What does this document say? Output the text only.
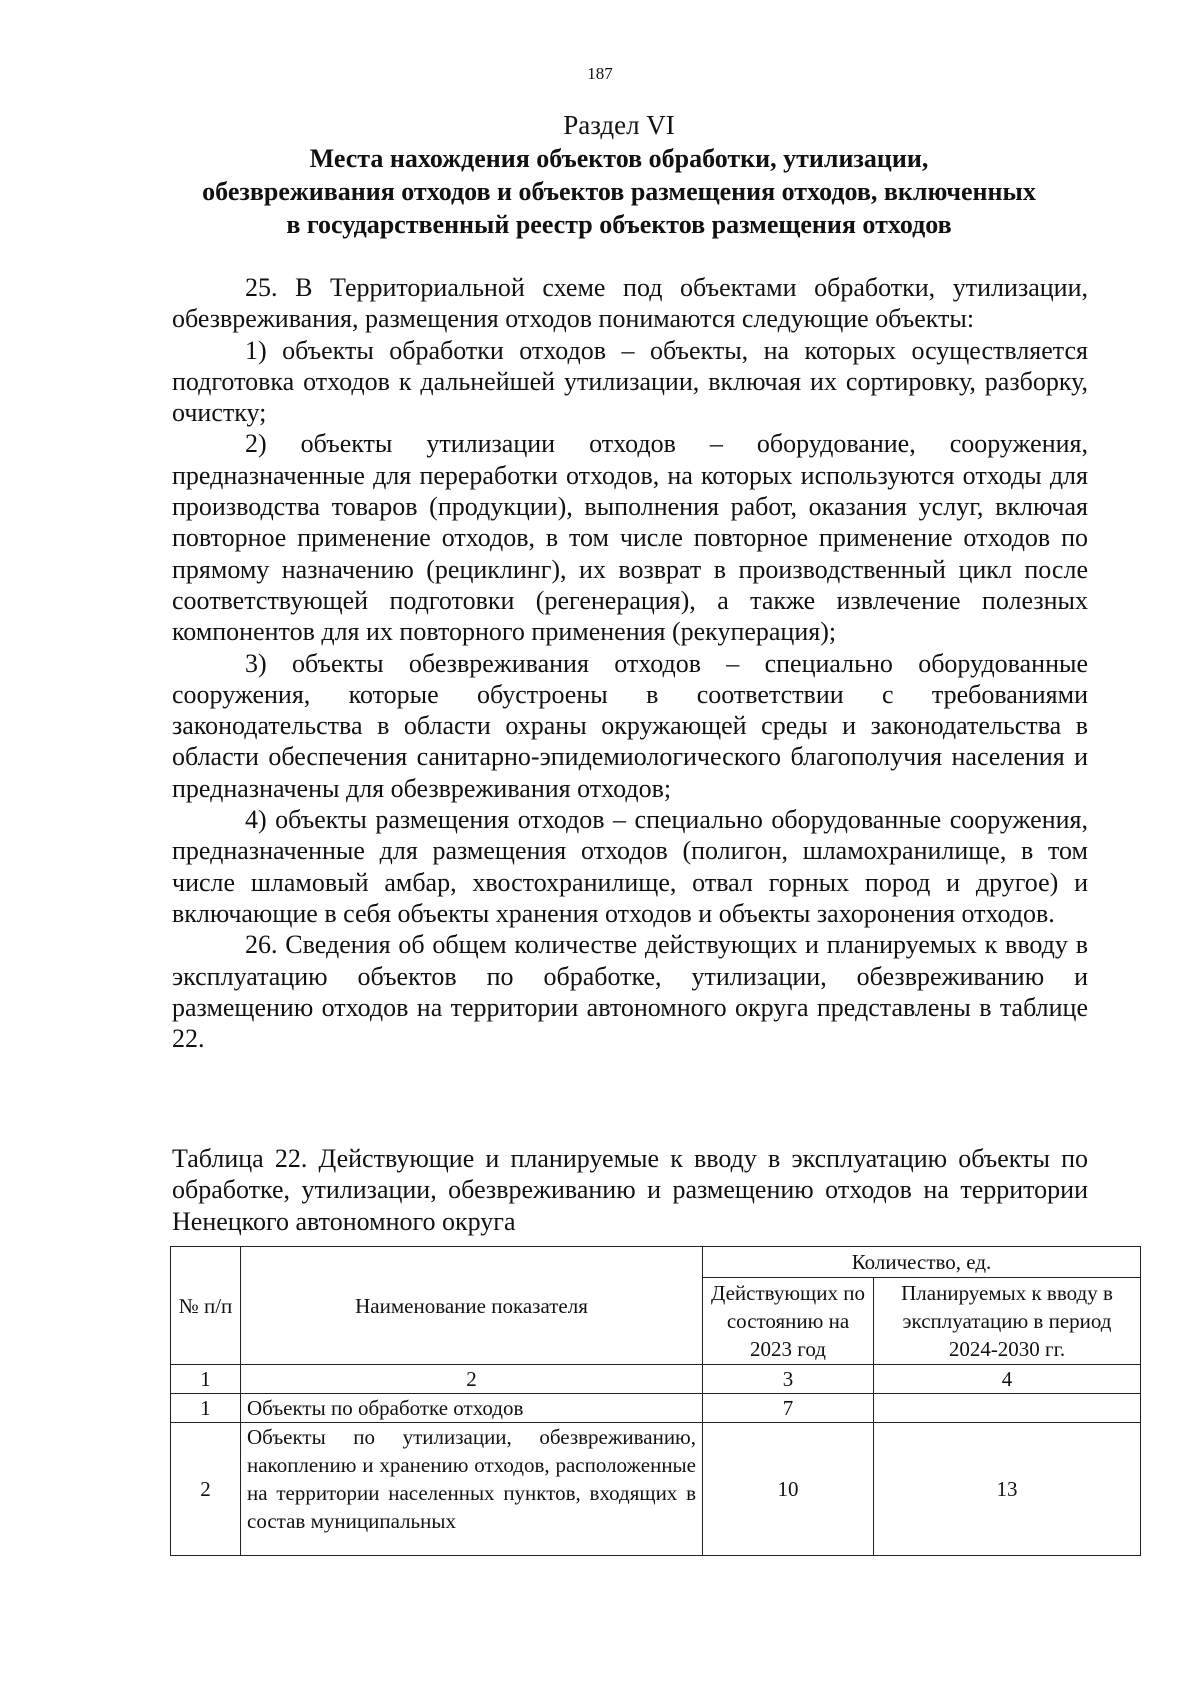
187
Раздел VI
Места нахождения объектов обработки, утилизации,
обезвреживания отходов и объектов размещения отходов, включенных
в государственный реестр объектов размещения отходов

25. В Территориальной схеме под объектами обработки, утилизации, обезвреживания, размещения отходов понимаются следующие объекты:

1) объекты обработки отходов – объекты, на которых осуществляется подготовка отходов к дальнейшей утилизации, включая их сортировку, разборку, очистку;

2) объекты утилизации отходов – оборудование, сооружения, предназначенные для переработки отходов, на которых используются отходы для производства товаров (продукции), выполнения работ, оказания услуг, включая повторное применение отходов, в том числе повторное применение отходов по прямому назначению (рециклинг), их возврат в производственный цикл после соответствующей подготовки (регенерация), а также извлечение полезных компонентов для их повторного применения (рекуперация);

3) объекты обезвреживания отходов – специально оборудованные сооружения, которые обустроены в соответствии с требованиями законодательства в области охраны окружающей среды и законодательства в области обеспечения санитарно-эпидемиологического благополучия населения и предназначены для обезвреживания отходов;

4) объекты размещения отходов – специально оборудованные сооружения, предназначенные для размещения отходов (полигон, шламохранилище, в том числе шламовый амбар, хвостохранилище, отвал горных пород и другое) и включающие в себя объекты хранения отходов и объекты захоронения отходов.

26. Сведения об общем количестве действующих и планируемых к вводу в эксплуатацию объектов по обработке, утилизации, обезвреживанию и размещению отходов на территории автономного округа представлены в таблице 22.

Таблица 22. Действующие и планируемые к вводу в эксплуатацию объекты по обработке, утилизации, обезвреживанию и размещению отходов на территории Ненецкого автономного округа
№ п/п	Наименование показателя	Количество, ед.	
		Действующих по состоянию на 2023 год	Планируемых к вводу в эксплуатацию в период 2024-2030 гг.
1	2	3	4
1	Объекты по обработке отходов	7	
2	Объекты по утилизации, обезвреживанию, накоплению и хранению отходов, расположенные на территории населенных пунктов, входящих в состав муниципальных	10	13
